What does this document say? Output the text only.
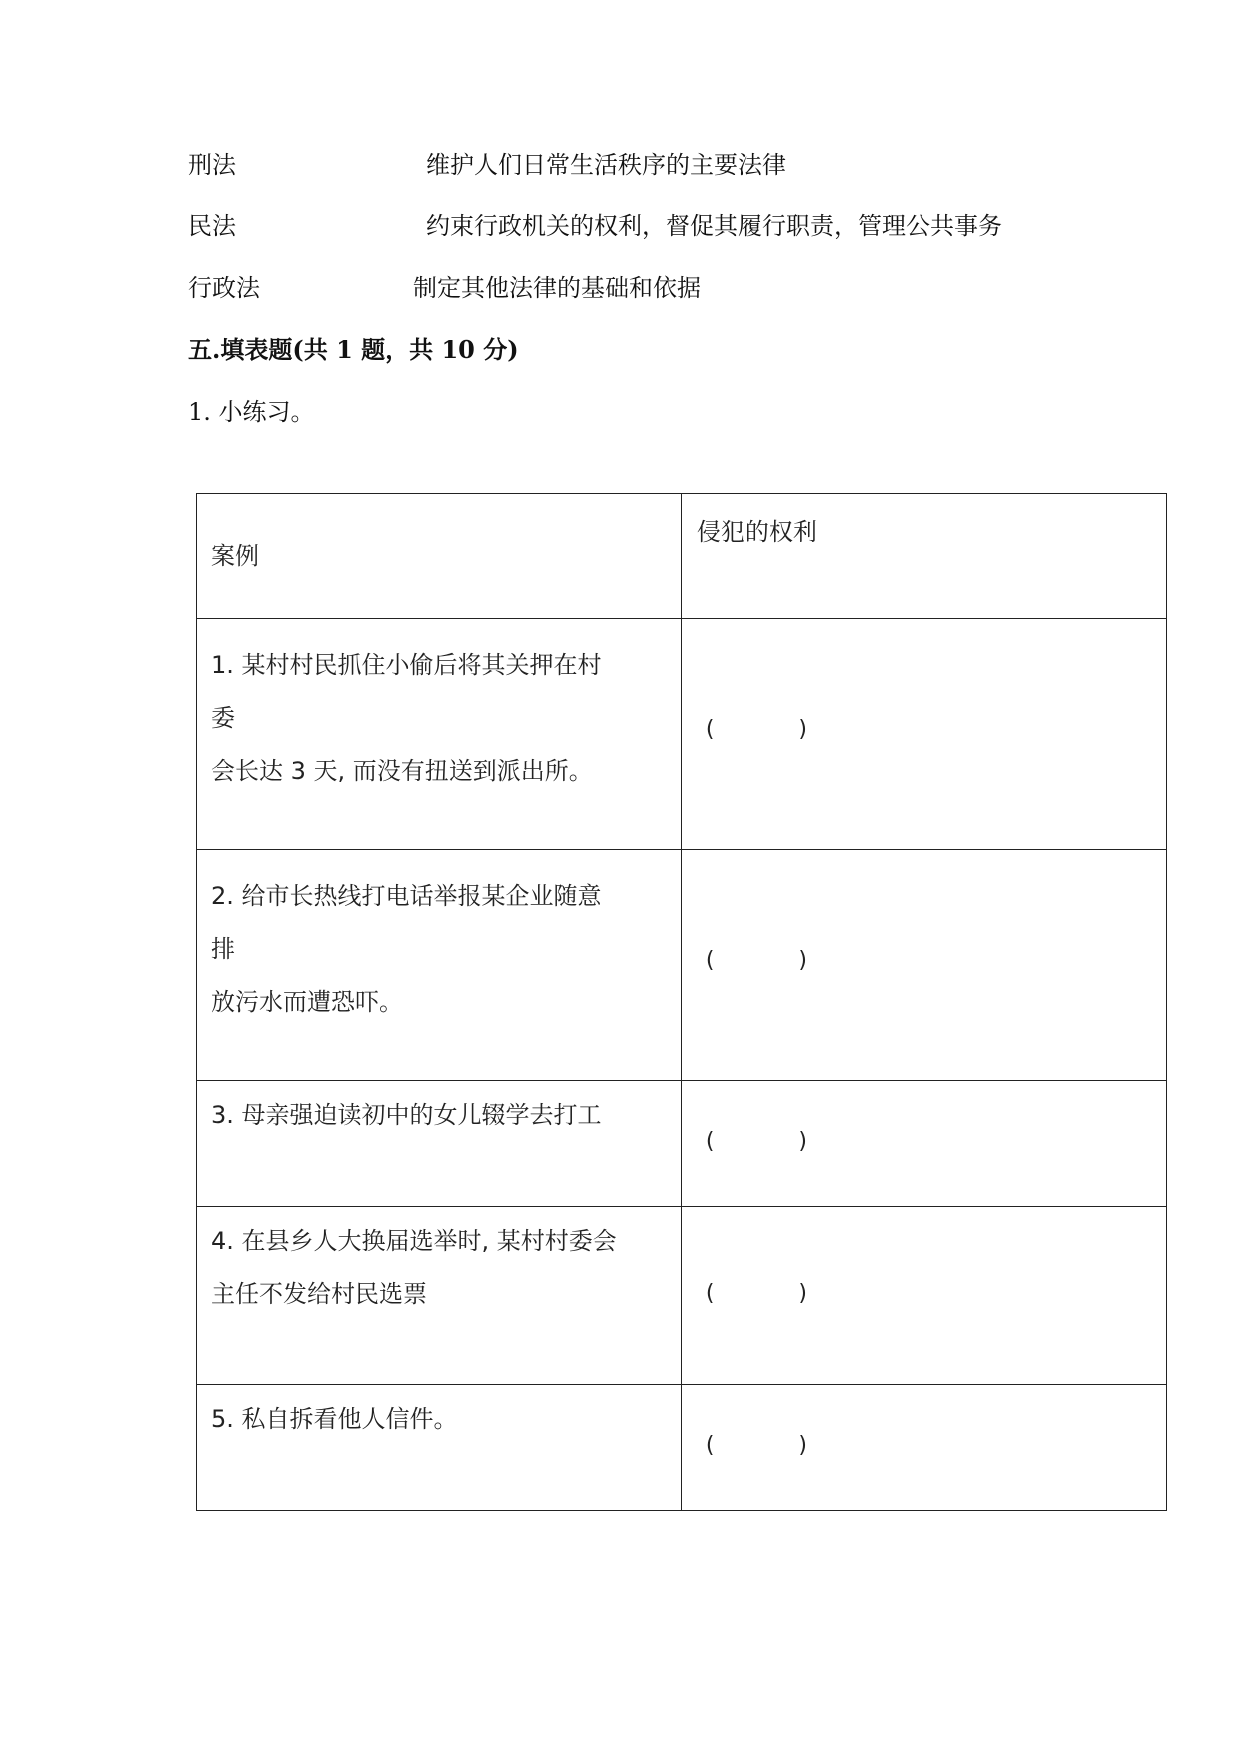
刑法	维护人们日常生活秩序的主要法律
民法	约束行政机关的权利，督促其履行职责，管理公共事务
行政法	制定其他法律的基础和依据
五.填表题(共 1 题，共 10 分)
1. 小练习。
案例	侵犯的权利

1. 某村村民抓住小偷后将其关押在村
委
会长达 3 天, 而没有扭送到派出所。	(            )

2. 给市长热线打电话举报某企业随意
排
放污水而遭恐吓。	(            )

3. 母亲强迫读初中的女儿辍学去打工	(            )

4. 在县乡人大换届选举时, 某村村委会
主任不发给村民选票	(            )

5. 私自拆看他人信件。	(            )
